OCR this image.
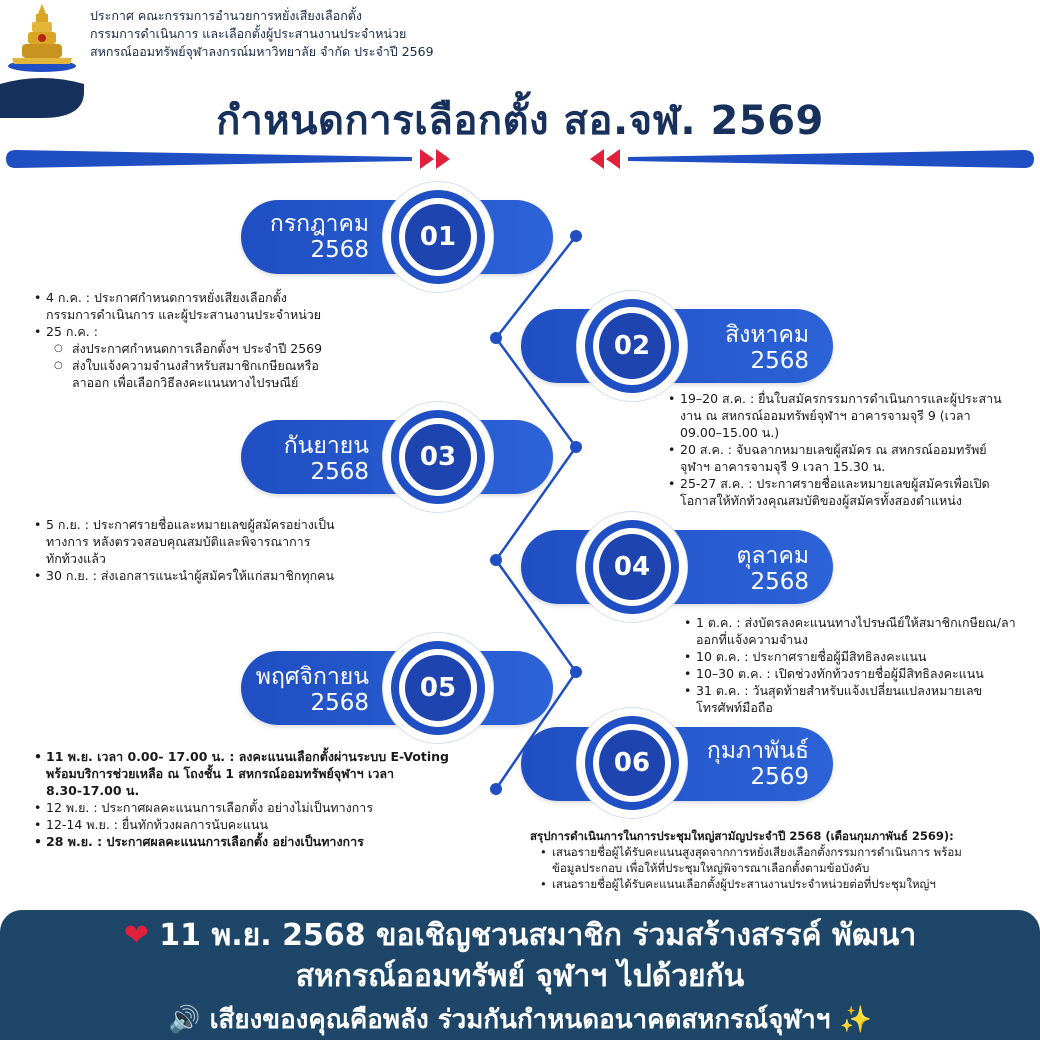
ประกาศ คณะกรรมการอำนวยการหยั่งเสียงเลือกตั้ง
กรรมการดำเนินการ และเลือกตั้งผู้ประสานงานประจำหน่วย
สหกรณ์ออมทรัพย์จุฬาลงกรณ์มหาวิทยาลัย จำกัด ประจำปี 2569
กำหนดการเลือกตั้ง สอ.จฬ. 2569
กรกฎาคม
2568	01
สิงหาคม
2568
02
กันยายน
2568	03
ตุลาคม
2568
04
พฤศจิกายน
2568	05
กุมภาพันธ์
2569
06
• 4 ก.ค. : ประกาศกำหนดการหยั่งเสียงเลือกตั้ง
กรรมการดำเนินการ และผู้ประสานงานประจำหน่วย
• 25 ก.ค. :
○ ส่งประกาศกำหนดการเลือกตั้งฯ ประจำปี 2569
○ ส่งใบแจ้งความจำนงสำหรับสมาชิกเกษียณหรือ
ลาออก เพื่อเลือกวิธีลงคะแนนทางไปรษณีย์
• 19–20 ส.ค. : ยื่นใบสมัครกรรมการดำเนินการและผู้ประสาน
งาน ณ สหกรณ์ออมทรัพย์จุฬาฯ อาคารจามจุรี 9 (เวลา
09.00–15.00 น.)
• 20 ส.ค. : จับฉลากหมายเลขผู้สมัคร ณ สหกรณ์ออมทรัพย์
จุฬาฯ อาคารจามจุรี 9 เวลา 15.30 น.
• 25-27 ส.ค. : ประกาศรายชื่อและหมายเลขผู้สมัครเพื่อเปิด
โอกาสให้ทักท้วงคุณสมบัติของผู้สมัครทั้งสองตำแหน่ง
• 5 ก.ย. : ประกาศรายชื่อและหมายเลขผู้สมัครอย่างเป็น
ทางการ หลังตรวจสอบคุณสมบัติและพิจารณาการ
ทักท้วงแล้ว
• 30 ก.ย. : ส่งเอกสารแนะนำผู้สมัครให้แก่สมาชิกทุกคน
• 1 ต.ค. : ส่งบัตรลงคะแนนทางไปรษณีย์ให้สมาชิกเกษียณ/ลา
ออกที่แจ้งความจำนง
• 10 ต.ค. : ประกาศรายชื่อผู้มีสิทธิลงคะแนน
• 10–30 ต.ค. : เปิดช่วงทักท้วงรายชื่อผู้มีสิทธิลงคะแนน
• 31 ต.ค. : วันสุดท้ายสำหรับแจ้งเปลี่ยนแปลงหมายเลข
โทรศัพท์มือถือ
• 11 พ.ย. เวลา 0.00- 17.00 น. : ลงคะแนนเลือกตั้งผ่านระบบ E-Voting
พร้อมบริการช่วยเหลือ ณ โถงชั้น 1 สหกรณ์ออมทรัพย์จุฬาฯ เวลา
8.30-17.00 น.
• 12 พ.ย. : ประกาศผลคะแนนการเลือกตั้ง อย่างไม่เป็นทางการ
• 12-14 พ.ย. : ยื่นทักท้วงผลการนับคะแนน
• 28 พ.ย. : ประกาศผลคะแนนการเลือกตั้ง อย่างเป็นทางการ	สรุปการดำเนินการในการประชุมใหญ่สามัญประจำปี 2568 (เดือนกุมภาพันธ์ 2569):
• เสนอรายชื่อผู้ได้รับคะแนนสูงสุดจากการหยั่งเสียงเลือกตั้งกรรมการดำเนินการ พร้อม
ข้อมูลประกอบ เพื่อให้ที่ประชุมใหญ่พิจารณาเลือกตั้งตามข้อบังคับ
• เสนอรายชื่อผู้ได้รับคะแนนเลือกตั้งผู้ประสานงานประจำหน่วยต่อที่ประชุมใหญ่ฯ
❤ 11 พ.ย. 2568 ขอเชิญชวนสมาชิก ร่วมสร้างสรรค์ พัฒนา
สหกรณ์ออมทรัพย์ จุฬาฯ ไปด้วยกัน
🔊 เสียงของคุณคือพลัง ร่วมกันกำหนดอนาคตสหกรณ์จุฬาฯ ✨
